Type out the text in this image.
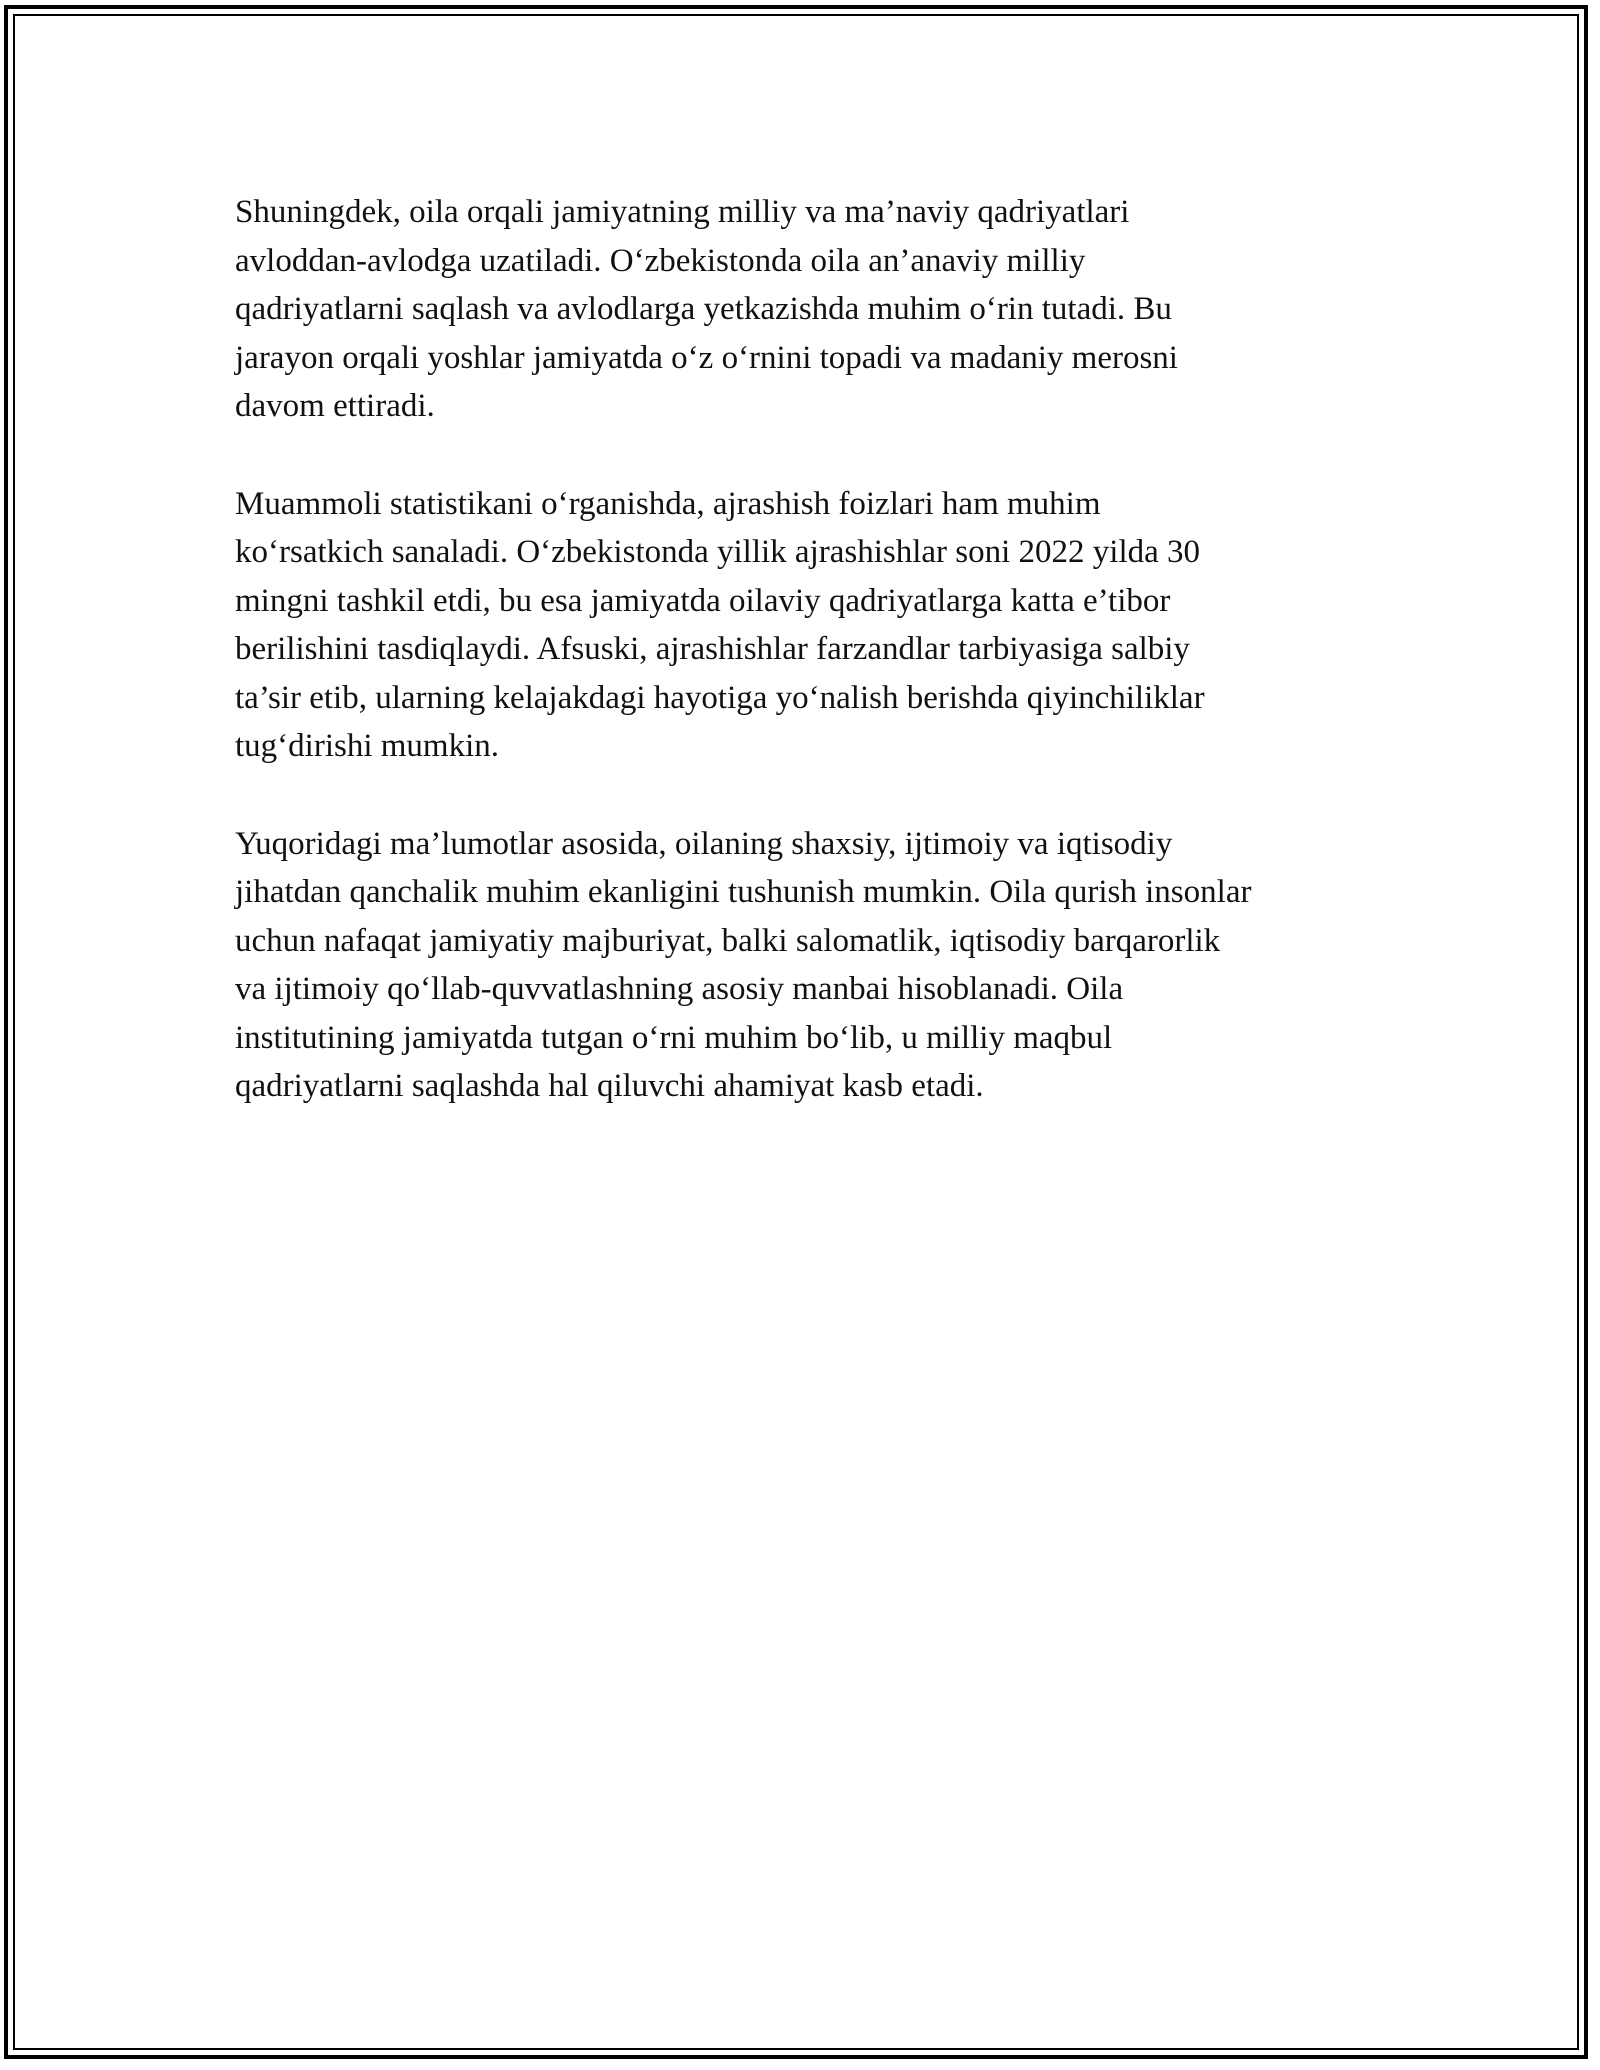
Shuningdek, oila orqali jamiyatning milliy va ma’naviy qadriyatlari
avloddan-avlodga uzatiladi. O‘zbekistonda oila an’anaviy milliy
qadriyatlarni saqlash va avlodlarga yetkazishda muhim o‘rin tutadi. Bu
jarayon orqali yoshlar jamiyatda o‘z o‘rnini topadi va madaniy merosni
davom ettiradi.

Muammoli statistikani o‘rganishda, ajrashish foizlari ham muhim
ko‘rsatkich sanaladi. O‘zbekistonda yillik ajrashishlar soni 2022 yilda 30
mingni tashkil etdi, bu esa jamiyatda oilaviy qadriyatlarga katta e’tibor
berilishini tasdiqlaydi. Afsuski, ajrashishlar farzandlar tarbiyasiga salbiy
ta’sir etib, ularning kelajakdagi hayotiga yo‘nalish berishda qiyinchiliklar
tug‘dirishi mumkin.

Yuqoridagi ma’lumotlar asosida, oilaning shaxsiy, ijtimoiy va iqtisodiy
jihatdan qanchalik muhim ekanligini tushunish mumkin. Oila qurish insonlar
uchun nafaqat jamiyatiy majburiyat, balki salomatlik, iqtisodiy barqarorlik
va ijtimoiy qo‘llab-quvvatlashning asosiy manbai hisoblanadi. Oila
institutining jamiyatda tutgan o‘rni muhim bo‘lib, u milliy maqbul
qadriyatlarni saqlashda hal qiluvchi ahamiyat kasb etadi.
